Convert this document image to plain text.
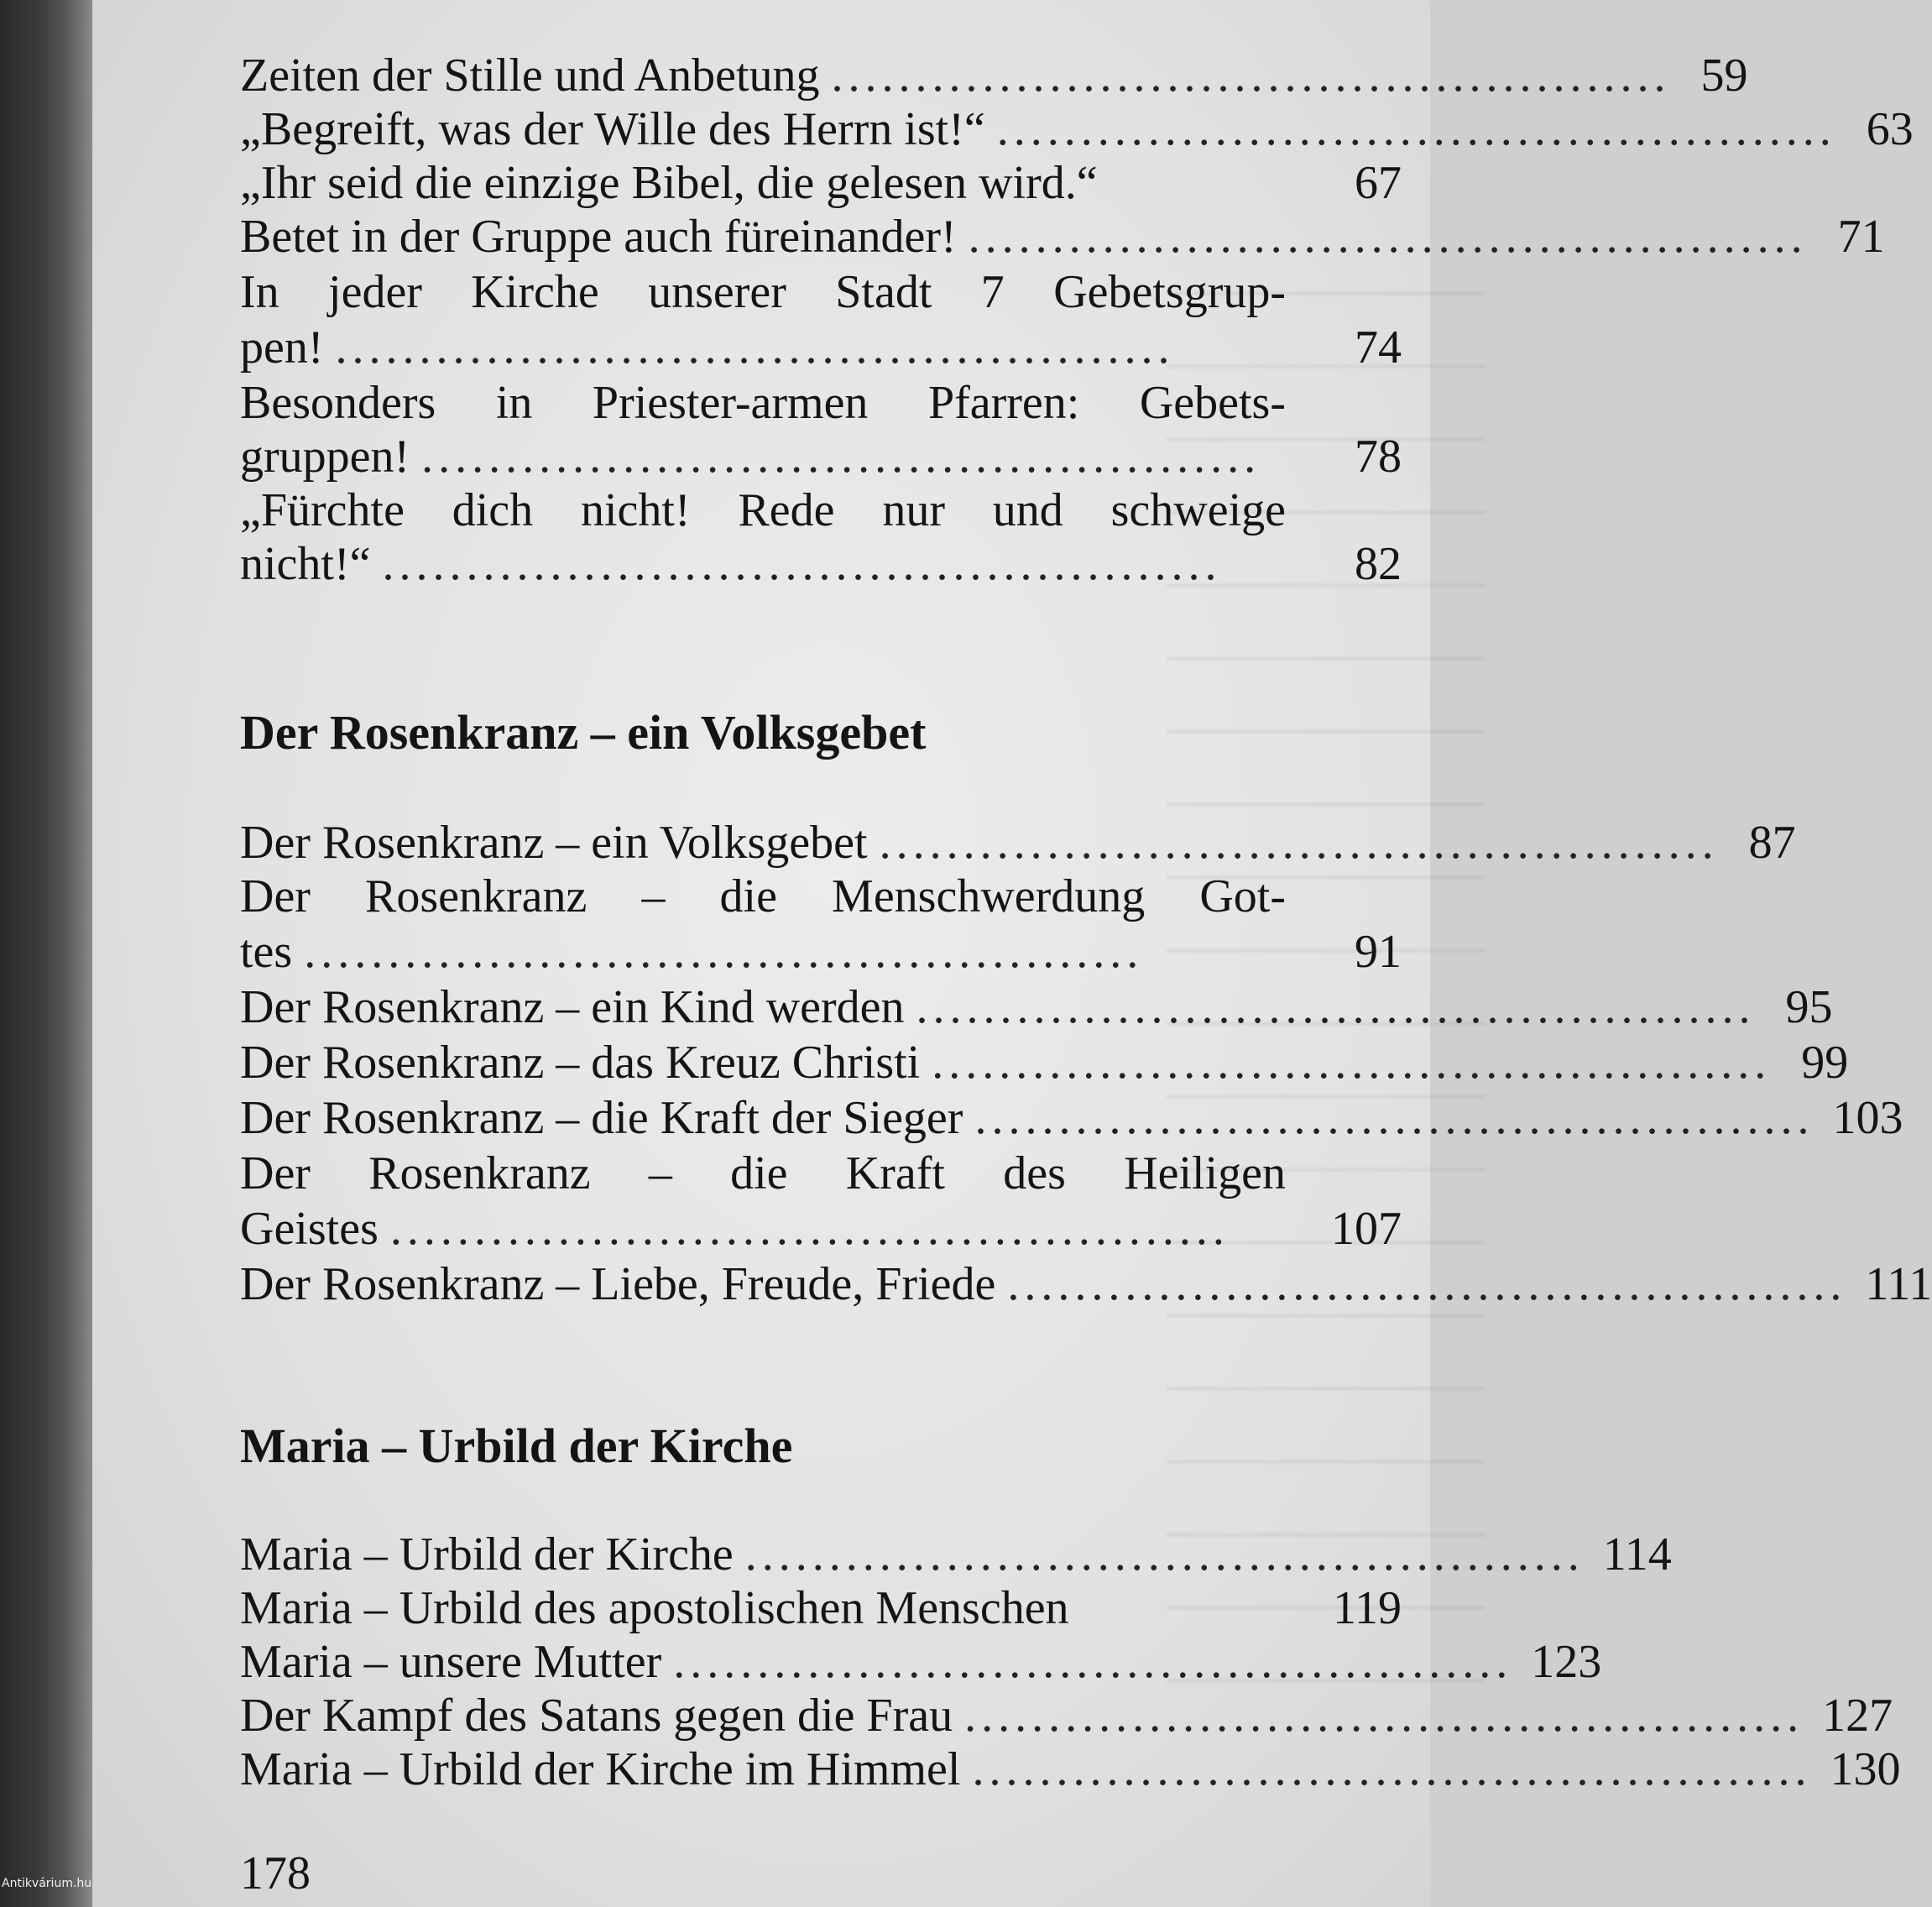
Zeiten der Stille und Anbetung .................................................. 59
„Begreift, was der Wille des Herrn ist!“ .................................................. 63
„Ihr seid die einzige Bibel, die gelesen wird.“	67
Betet in der Gruppe auch füreinander! .................................................. 71
In jeder Kirche unserer Stadt 7 Gebetsgrup-
pen! ..................................................	74
Besonders in Priester-armen Pfarren: Gebets-
gruppen! ..................................................	78
„Fürchte dich nicht! Rede nur und schweige
nicht!“ ..................................................	82
Der Rosenkranz – ein Volksgebet
Der Rosenkranz – ein Volksgebet .................................................. 87
Der Rosenkranz – die Menschwerdung Got-
tes ..................................................	91
Der Rosenkranz – ein Kind werden .................................................. 95
Der Rosenkranz – das Kreuz Christi .................................................. 99
Der Rosenkranz – die Kraft der Sieger .................................................. 103
Der Rosenkranz – die Kraft des Heiligen
Geistes ..................................................	107
Der Rosenkranz – Liebe, Freude, Friede .................................................. 111
Maria – Urbild der Kirche
Maria – Urbild der Kirche .................................................. 114
Maria – Urbild des apostolischen Menschen	119
Maria – unsere Mutter .................................................. 123
Der Kampf des Satans gegen die Frau .................................................. 127
Maria – Urbild der Kirche im Himmel .................................................. 130
178
Antikvárium.hu
